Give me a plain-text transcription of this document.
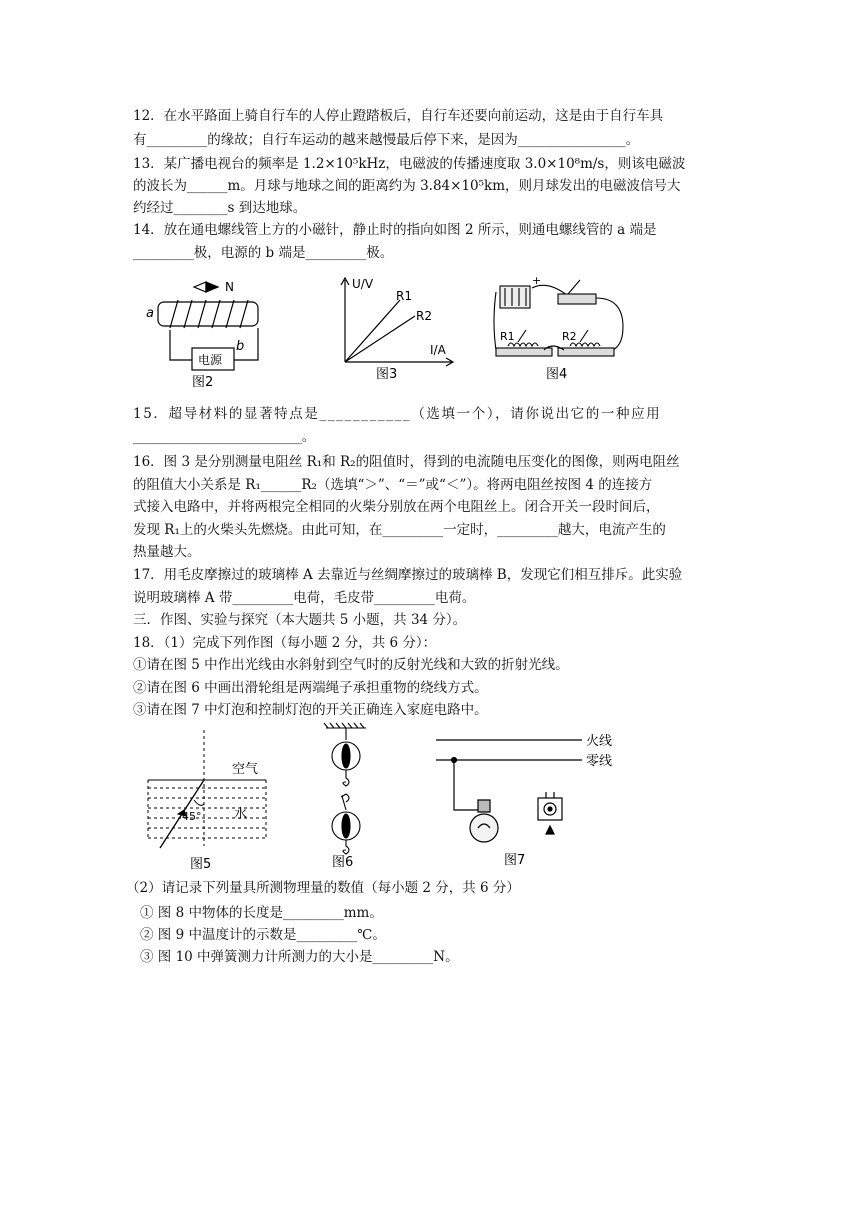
12．在水平路面上骑自行车的人停止蹬踏板后，自行车还要向前运动，这是由于自行车具
有_________的缘故；自行车运动的越来越慢最后停下来，是因为________________。
13．某广播电视台的频率是 1.2×10⁵kHz，电磁波的传播速度取 3.0×10⁸m/s，则该电磁波
的波长为______m。月球与地球之间的距离约为 3.84×10⁵km，则月球发出的电磁波信号大
约经过________s 到达地球。
14．放在通电螺线管上方的小磁针，静止时的指向如图 2 所示，则通电螺线管的 a 端是
_________极，电源的 b 端是_________极。
N
a
电源
b
图2
U/V
R1
R2
I/A
图3
+
R1	R2
图4
15．超导材料的显著特点是___________（选填一个），请你说出它的一种应用
_________________________。
16．图 3 是分别测量电阻丝 R₁和 R₂的阻值时，得到的电流随电压变化的图像，则两电阻丝
的阻值大小关系是 R₁______R₂（选填“＞”、“＝”或“＜”）。将两电阻丝按图 4 的连接方
式接入电路中，并将两根完全相同的火柴分别放在两个电阻丝上。闭合开关一段时间后，
发现 R₁上的火柴头先燃烧。由此可知，在_________一定时，_________越大，电流产生的
热量越大。
17．用毛皮摩擦过的玻璃棒 A 去靠近与丝绸摩擦过的玻璃棒 B，发现它们相互排斥。此实验
说明玻璃棒 A 带_________电荷，毛皮带_________电荷。
三．作图、实验与探究（本大题共 5 小题，共 34 分）。
18．（1）完成下列作图（每小题 2 分，共 6 分）：
①请在图 5 中作出光线由水斜射到空气时的反射光线和大致的折射光线。
②请在图 6 中画出滑轮组是两端绳子承担重物的绕线方式。
③请在图 7 中灯泡和控制灯泡的开关正确连入家庭电路中。
空气
水
45°
图5	图6
火线
零线
图7
（2）请记录下列量具所测物理量的数值（每小题 2 分，共 6 分）
① 图 8 中物体的长度是_________mm。
② 图 9 中温度计的示数是_________℃。
③ 图 10 中弹簧测力计所测力的大小是_________N。
